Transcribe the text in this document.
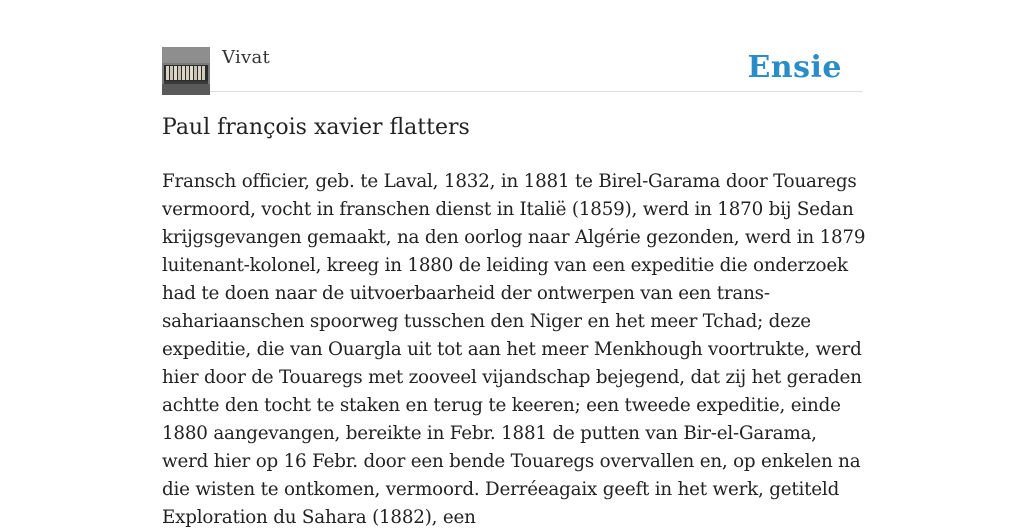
Vivat	Ensie
Paul françois xavier flatters

Fransch officier, geb. te Laval, 1832, in 1881 te Birel-Garama door Touaregs vermoord, vocht in franschen dienst in Italië (1859), werd in 1870 bij Sedan krijgsgevangen gemaakt, na den oorlog naar Algérie gezonden, werd in 1879 luitenant-kolonel, kreeg in 1880 de leiding van een expeditie die onderzoek had te doen naar de uitvoerbaarheid der ontwerpen van een trans-sahariaanschen spoorweg tusschen den Niger en het meer Tchad; deze expeditie, die van Ouargla uit tot aan het meer Menkhough voortrukte, werd hier door de Touaregs met zooveel vijandschap bejegend, dat zij het geraden achtte den tocht te staken en terug te keeren; een tweede expeditie, einde 1880 aangevangen, bereikte in Febr. 1881 de putten van Bir-el-Garama, werd hier op 16 Febr. door een bende Touaregs overvallen en, op enkelen na die wisten te ontkomen, vermoord. Derréeagaix geeft in het werk, getiteld Exploration du Sahara (1882), een
